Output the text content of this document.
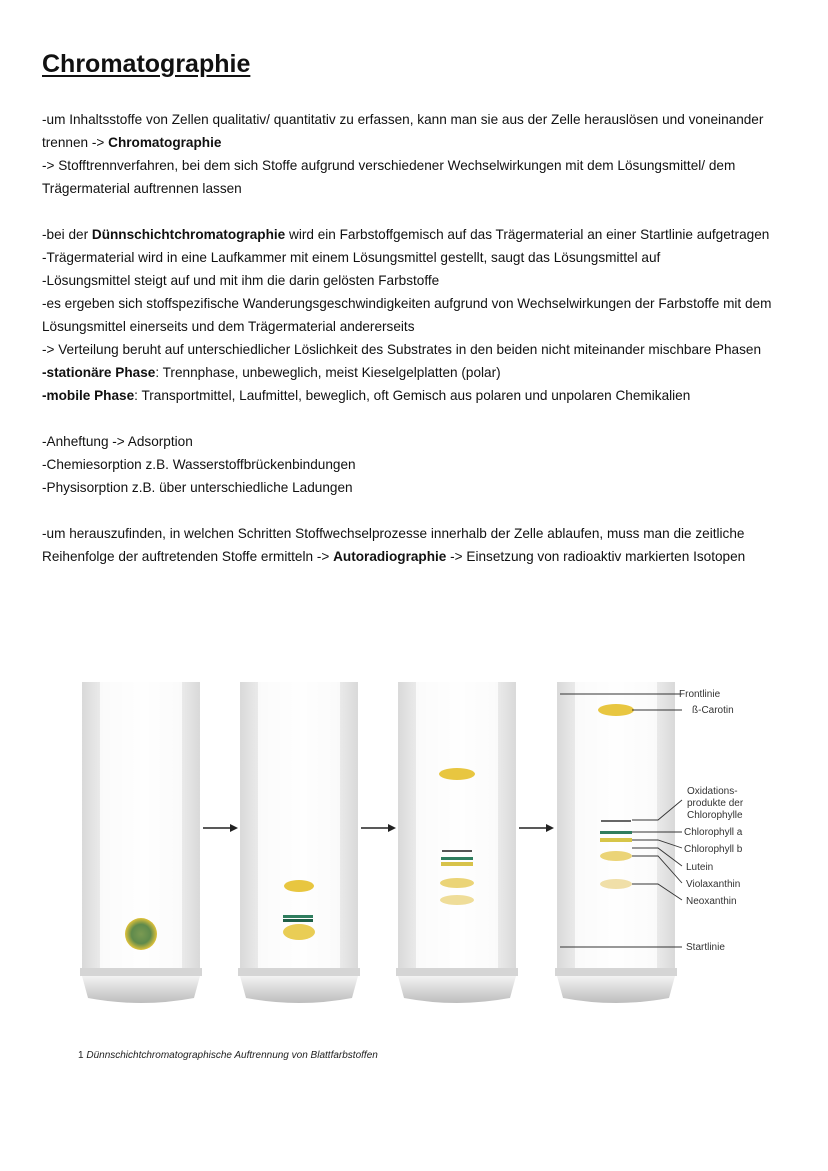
Chromatographie
-um Inhaltsstoffe von Zellen qualitativ/ quantitativ zu erfassen, kann man sie aus der Zelle herauslösen und voneinander
trennen -> Chromatographie
-> Stofftrennverfahren, bei dem sich Stoffe aufgrund verschiedener Wechselwirkungen mit dem Lösungsmittel/ dem
Trägermaterial auftrennen lassen
-bei der Dünnschichtchromatographie wird ein Farbstoffgemisch auf das Trägermaterial an einer Startlinie aufgetragen
-Trägermaterial wird in eine Laufkammer mit einem Lösungsmittel gestellt, saugt das Lösungsmittel auf
-Lösungsmittel steigt auf und mit ihm die darin gelösten Farbstoffe
-es ergeben sich stoffspezifische Wanderungsgeschwindigkeiten aufgrund von Wechselwirkungen der Farbstoffe mit dem
Lösungsmittel einerseits und dem Trägermaterial andererseits
-> Verteilung beruht auf unterschiedlicher Löslichkeit des Substrates in den beiden nicht miteinander mischbare Phasen
-stationäre Phase: Trennphase, unbeweglich, meist Kieselgelplatten (polar)
-mobile Phase: Transportmittel, Laufmittel, beweglich, oft Gemisch aus polaren und unpolaren Chemikalien
-Anheftung -> Adsorption
-Chemiesorption z.B. Wasserstoffbrückenbindungen
-Physisorption z.B. über unterschiedliche Ladungen
-um herauszufinden, in welchen Schritten Stoffwechselprozesse innerhalb der Zelle ablaufen, muss man die zeitliche
Reihenfolge der auftretenden Stoffe ermitteln -> Autoradiographie -> Einsetzung von radioaktiv markierten Isotopen
Frontlinie
ß-Carotin
Oxidations-
produkte der
Chlorophylle
Chlorophyll a
Chlorophyll b
Lutein
Violaxanthin
Neoxanthin
Startlinie
1 Dünnschichtchromatographische Auftrennung von Blattfarbstoffen
